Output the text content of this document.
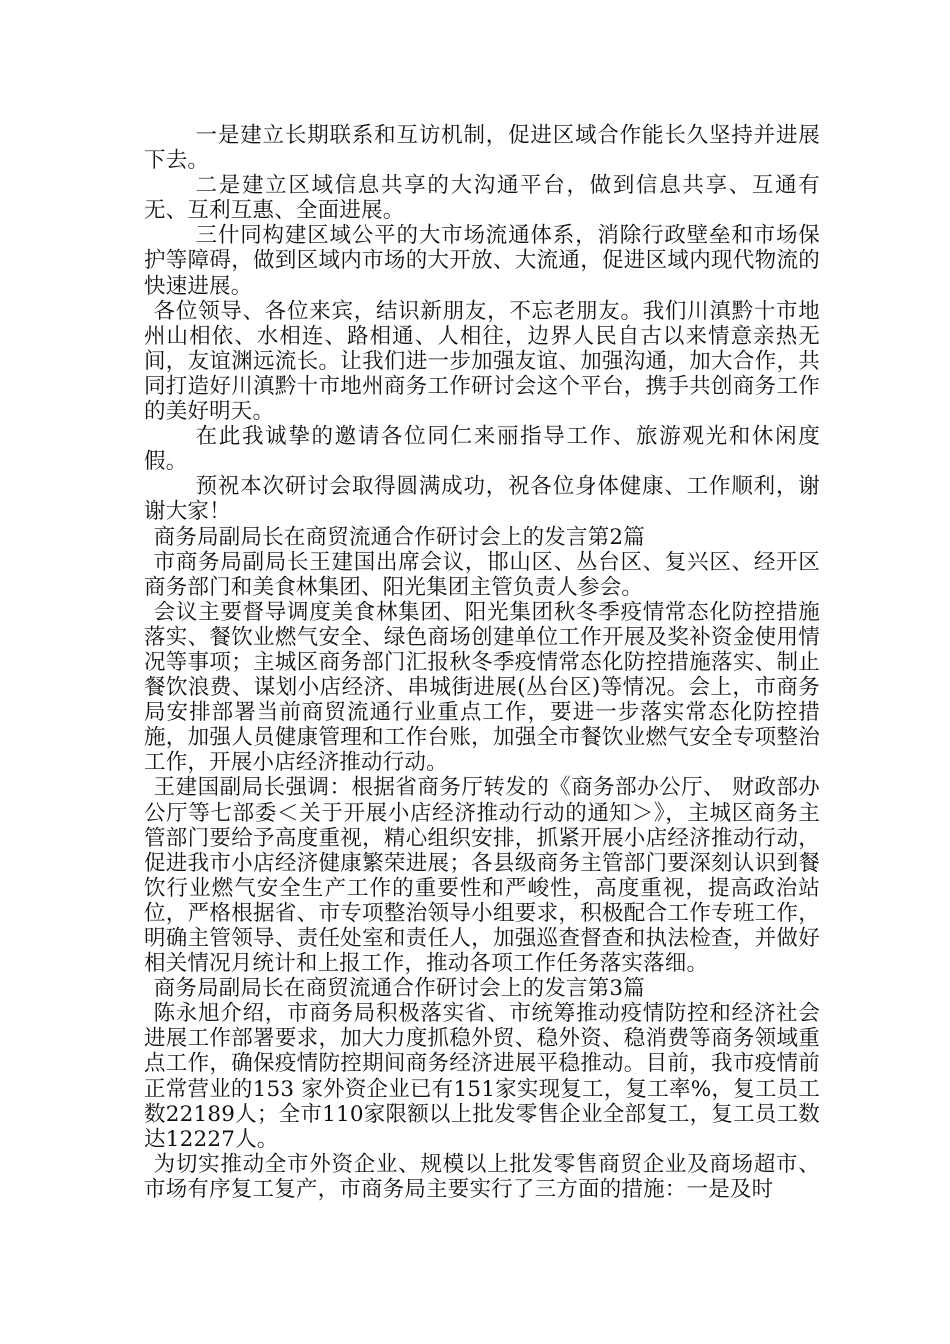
一是建立长期联系和互访机制，促进区域合作能长久坚持并进展下去。

二是建立区域信息共享的大沟通平台，做到信息共享、互通有无、互利互惠、全面进展。

三什同构建区域公平的大市场流通体系，消除行政壁垒和市场保护等障碍，做到区域内市场的大开放、大流通，促进区域内现代物流的快速进展。

各位领导、各位来宾，结识新朋友，不忘老朋友。我们川滇黔十市地州山相依、水相连、路相通、人相往，边界人民自古以来情意亲热无间，友谊渊远流长。让我们进一步加强友谊、加强沟通，加大合作，共同打造好川滇黔十市地州商务工作研讨会这个平台，携手共创商务工作的美好明天。

在此我诚挚的邀请各位同仁来丽指导工作、旅游观光和休闲度假。

预祝本次研讨会取得圆满成功，祝各位身体健康、工作顺利，谢谢大家！

商务局副局长在商贸流通合作研讨会上的发言第2篇

市商务局副局长王建国出席会议，邯山区、丛台区、复兴区、经开区商务部门和美食林集团、阳光集团主管负责人参会。

会议主要督导调度美食林集团、阳光集团秋冬季疫情常态化防控措施落实、餐饮业燃气安全、绿色商场创建单位工作开展及奖补资金使用情况等事项；主城区商务部门汇报秋冬季疫情常态化防控措施落实、制止餐饮浪费、谋划小店经济、串城街进展(丛台区)等情况。会上，市商务局安排部署当前商贸流通行业重点工作，要进一步落实常态化防控措施，加强人员健康管理和工作台账，加强全市餐饮业燃气安全专项整治工作，开展小店经济推动行动。

王建国副局长强调：根据省商务厅转发的《商务部办公厅、 财政部办公厅等七部委＜关于开展小店经济推动行动的通知＞》，主城区商务主管部门要给予高度重视，精心组织安排，抓紧开展小店经济推动行动，促进我市小店经济健康繁荣进展；各县级商务主管部门要深刻认识到餐饮行业燃气安全生产工作的重要性和严峻性，高度重视，提高政治站位，严格根据省、市专项整治领导小组要求，积极配合工作专班工作，明确主管领导、责任处室和责任人，加强巡查督查和执法检查，并做好相关情况月统计和上报工作，推动各项工作任务落实落细。

商务局副局长在商贸流通合作研讨会上的发言第3篇

陈永旭介绍，市商务局积极落实省、市统筹推动疫情防控和经济社会进展工作部署要求，加大力度抓稳外贸、稳外资、稳消费等商务领域重点工作，确保疫情防控期间商务经济进展平稳推动。目前，我市疫情前正常营业的153 家外资企业已有151家实现复工，复工率%，复工员工数22189人；全市110家限额以上批发零售企业全部复工，复工员工数达12227人。

为切实推动全市外资企业、规模以上批发零售商贸企业及商场超市、市场有序复工复产，市商务局主要实行了三方面的措施：一是及时
